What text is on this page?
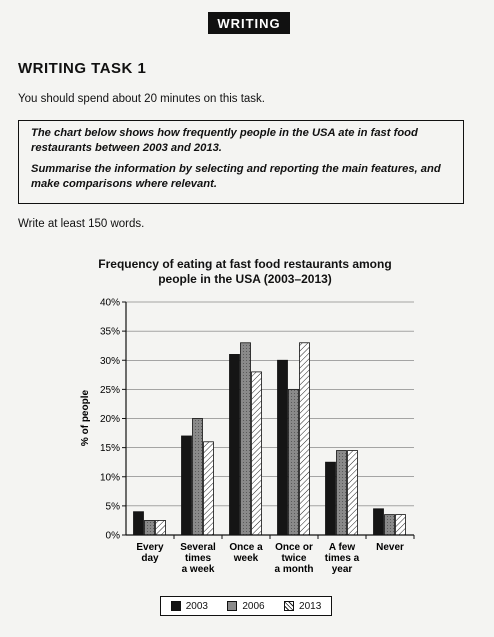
WRITING
WRITING TASK 1
You should spend about 20 minutes on this task.

The chart below shows how frequently people in the USA ate in fast food restaurants between 2003 and 2013.

Summarise the information by selecting and reporting the main features, and make comparisons where relevant.

Write at least 150 words.
Frequency of eating at fast food restaurants among
people in the USA (2003–2013)
0%
5%
10%
15%
20%
25%
30%
35%
40%
Every
day
Several
times
a week
Once a
week
Once or
twice
a month
A few
times a
year
Never
% of people
2003	2006	2013
